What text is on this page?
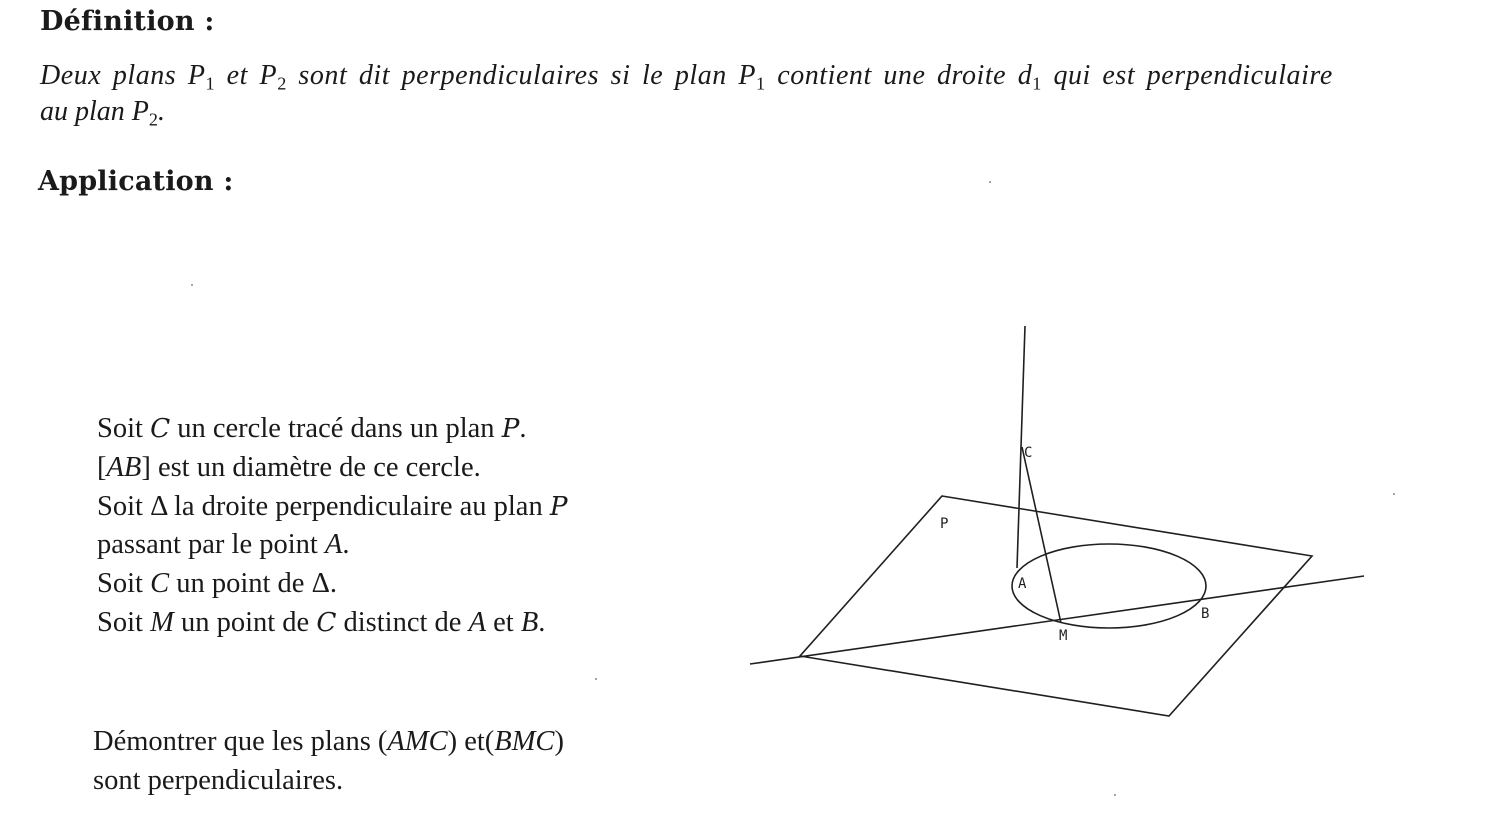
Définition :
Deux plans $P_1$ et $P_2$ sont dit perpendiculaires si le plan $P_1$ contient une droite $d_1$ qui est perpendiculaire
au plan $P_2$.
Application :
Soit C un cercle tracé dans un plan P.
[AB] est un diamètre de ce cercle.
Soit Δ la droite perpendiculaire au plan P
passant par le point A.
Soit C un point de Δ.
Soit M un point de C distinct de A et B.
Démontrer que les plans (AMC) et(BMC)
sont perpendiculaires.
P
C
A
M
B
